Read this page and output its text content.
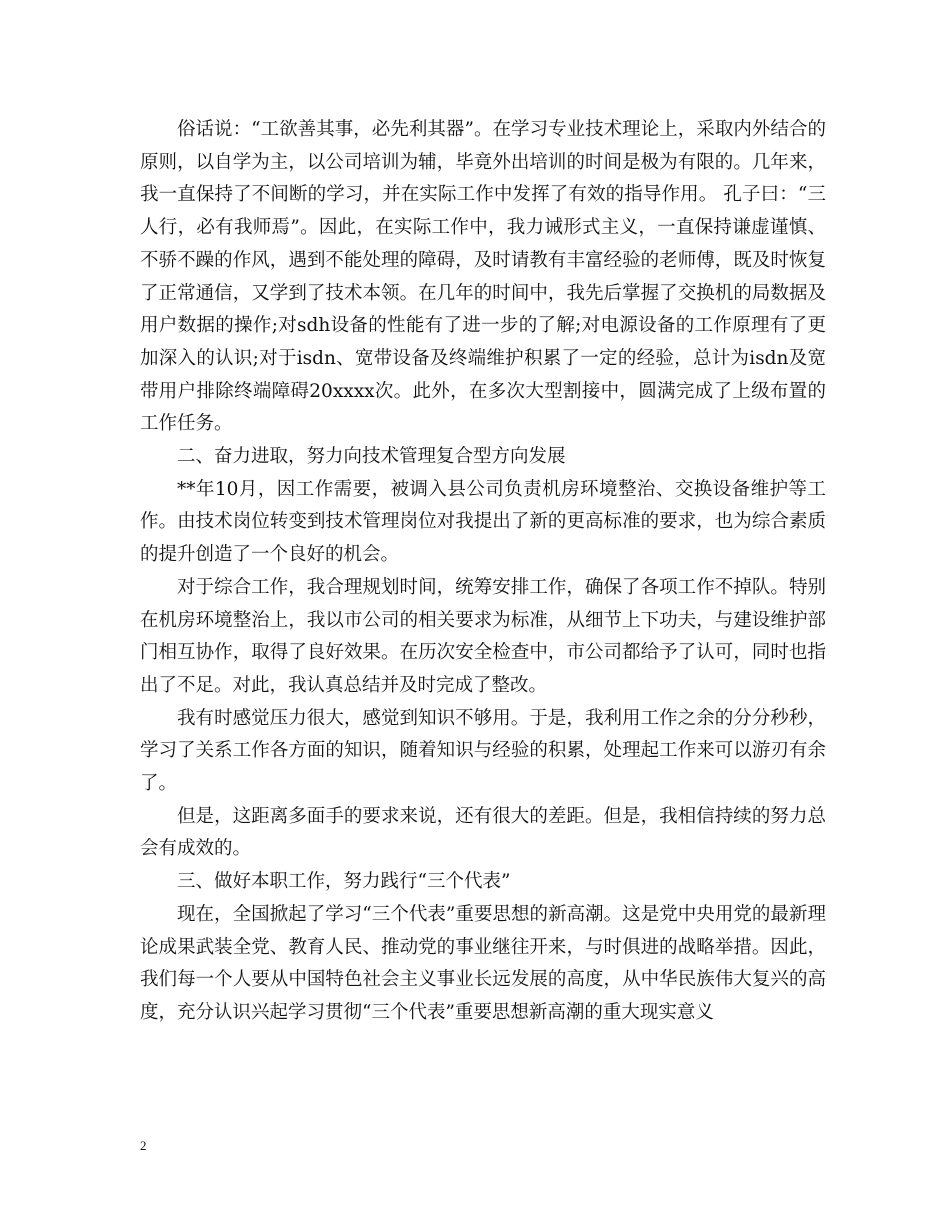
俗话说：“工欲善其事，必先利其器”。在学习专业技术理论上，采取内外结合的原则，以自学为主，以公司培训为辅，毕竟外出培训的时间是极为有限的。几年来，我一直保持了不间断的学习，并在实际工作中发挥了有效的指导作用。 孔子曰：“三人行，必有我师焉”。因此，在实际工作中，我力诫形式主义，一直保持谦虚谨慎、不骄不躁的作风，遇到不能处理的障碍，及时请教有丰富经验的老师傅，既及时恢复了正常通信，又学到了技术本领。在几年的时间中，我先后掌握了交换机的局数据及用户数据的操作;对sdh设备的性能有了进一步的了解;对电源设备的工作原理有了更加深入的认识;对于isdn、宽带设备及终端维护积累了一定的经验，总计为isdn及宽带用户排除终端障碍20xxxx次。此外，在多次大型割接中，圆满完成了上级布置的工作任务。

二、奋力进取，努力向技术管理复合型方向发展

**年10月，因工作需要，被调入县公司负责机房环境整治、交换设备维护等工作。由技术岗位转变到技术管理岗位对我提出了新的更高标准的要求，也为综合素质的提升创造了一个良好的机会。

对于综合工作，我合理规划时间，统筹安排工作，确保了各项工作不掉队。特别在机房环境整治上，我以市公司的相关要求为标准，从细节上下功夫，与建设维护部门相互协作，取得了良好效果。在历次安全检查中，市公司都给予了认可，同时也指出了不足。对此，我认真总结并及时完成了整改。

我有时感觉压力很大，感觉到知识不够用。于是，我利用工作之余的分分秒秒，学习了关系工作各方面的知识，随着知识与经验的积累，处理起工作来可以游刃有余了。

但是，这距离多面手的要求来说，还有很大的差距。但是，我相信持续的努力总会有成效的。

三、做好本职工作，努力践行“三个代表”

现在，全国掀起了学习“三个代表”重要思想的新高潮。这是党中央用党的最新理论成果武装全党、教育人民、推动党的事业继往开来，与时俱进的战略举措。因此，我们每一个人要从中国特色社会主义事业长远发展的高度，从中华民族伟大复兴的高度，充分认识兴起学习贯彻“三个代表”重要思想新高潮的重大现实意义

2
